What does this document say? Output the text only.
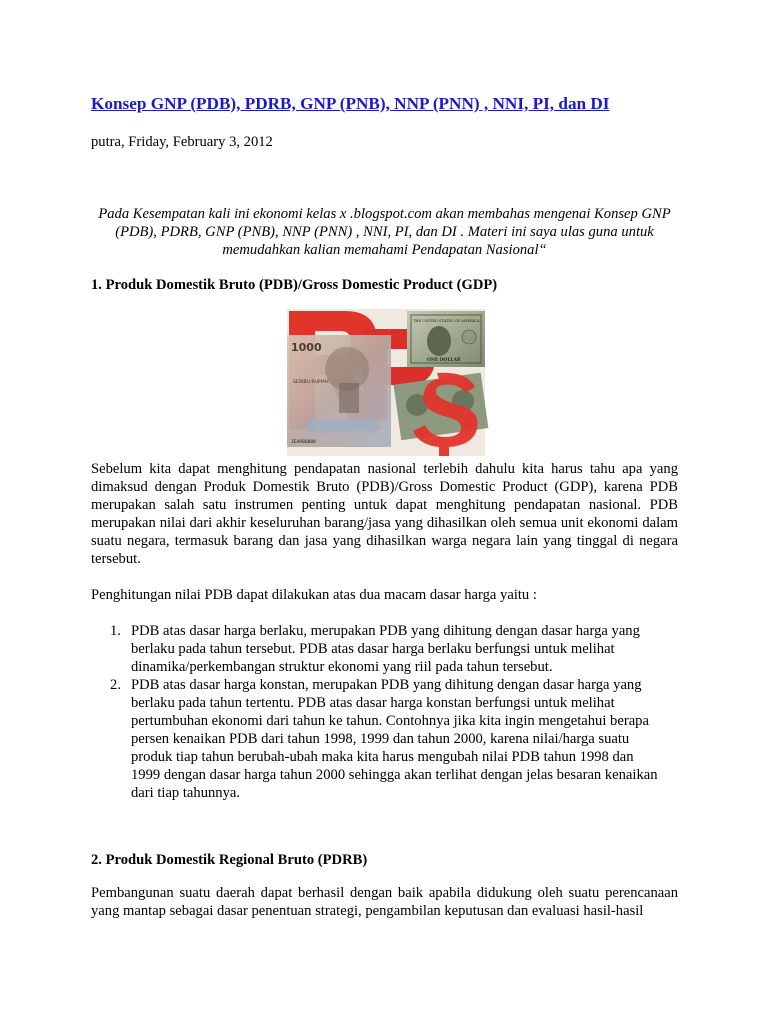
Konsep GNP (PDB), PDRB, GNP (PNB), NNP (PNN) , NNI, PI, dan DI

putra, Friday, February 3, 2012

Pada Kesempatan kali ini ekonomi kelas x .blogspot.com akan membahas mengenai Konsep GNP (PDB), PDRB, GNP (PNB), NNP (PNN) , NNI, PI, dan DI . Materi ini saya ulas guna untuk memudahkan kalian memahami Pendapatan Nasional“

1. Produk Domestik Bruto (PDB)/Gross Domestic Product (GDP)
1000
SERIBU RUPIAH
ZEA980000
THE UNITED STATES OF AMERICA
ONE DOLLAR
Rp $

Sebelum kita dapat menghitung pendapatan nasional terlebih dahulu kita harus tahu apa yang dimaksud dengan Produk Domestik Bruto (PDB)/Gross Domestic Product (GDP), karena PDB merupakan salah satu instrumen penting untuk dapat menghitung pendapatan nasional. PDB merupakan nilai dari akhir keseluruhan barang/jasa yang dihasilkan oleh semua unit ekonomi dalam suatu negara, termasuk barang dan jasa yang dihasilkan warga negara lain yang tinggal di negara tersebut.

Penghitungan nilai PDB dapat dilakukan atas dua macam dasar harga yaitu :

1. PDB atas dasar harga berlaku, merupakan PDB yang dihitung dengan dasar harga yang berlaku pada tahun tersebut. PDB atas dasar harga berlaku berfungsi untuk melihat dinamika/perkembangan struktur ekonomi yang riil pada tahun tersebut.
2. PDB atas dasar harga konstan, merupakan PDB yang dihitung dengan dasar harga yang berlaku pada tahun tertentu. PDB atas dasar harga konstan berfungsi untuk melihat pertumbuhan ekonomi dari tahun ke tahun. Contohnya jika kita ingin mengetahui berapa persen kenaikan PDB dari tahun 1998, 1999 dan tahun 2000, karena nilai/harga suatu produk tiap tahun berubah-ubah maka kita harus mengubah nilai PDB tahun 1998 dan 1999 dengan dasar harga tahun 2000 sehingga akan terlihat dengan jelas besaran kenaikan dari tiap tahunnya.
2. Produk Domestik Regional Bruto (PDRB)

Pembangunan suatu daerah dapat berhasil dengan baik apabila didukung oleh suatu perencanaan yang mantap sebagai dasar penentuan strategi, pengambilan keputusan dan evaluasi hasil-hasil
